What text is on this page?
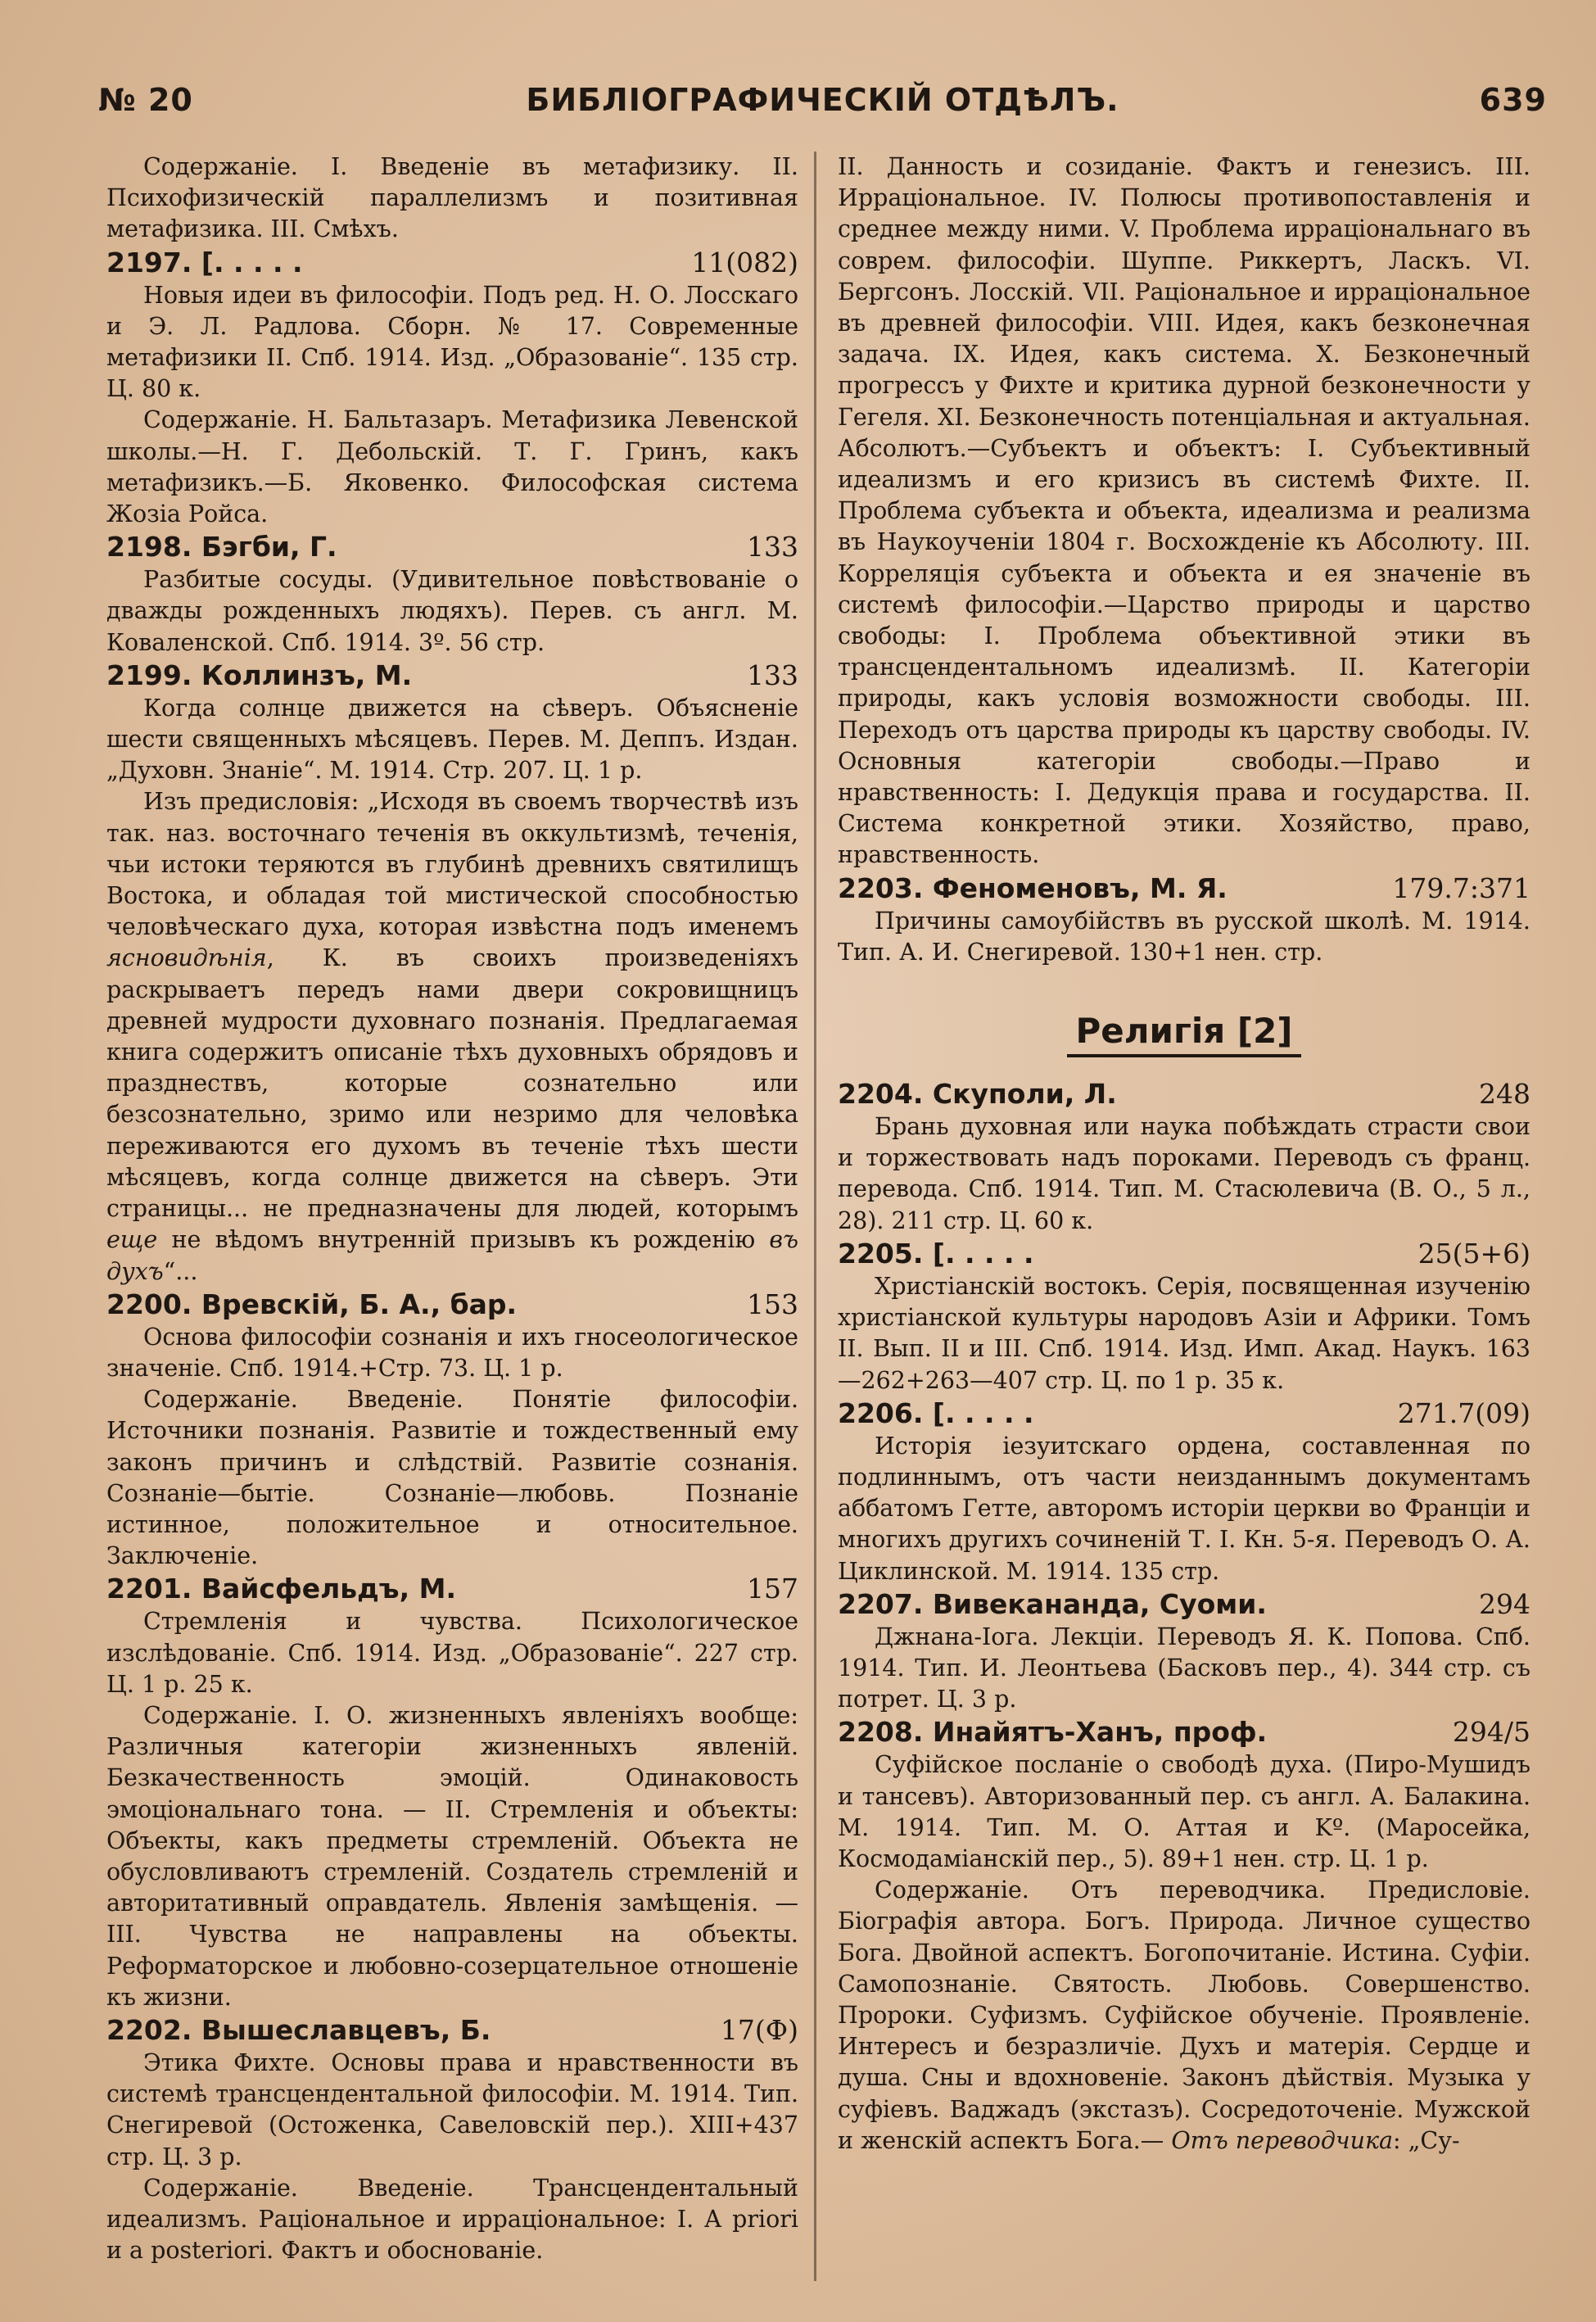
№ 20	БИБЛІОГРАФИЧЕСКІЙ ОТДѢЛЪ.	639

Содержаніе. I. Введеніе въ метафизику. II. Психофизическій параллелизмъ и позитивная метафизика. III. Смѣхъ.

2197. [. . . . .	11(082)

Новыя идеи въ философіи. Подъ ред. Н. О. Лосскаго и Э. Л. Радлова. Сборн. № 17. Современные метафизики II. Спб. 1914. Изд. „Образованіе“. 135 стр. Ц. 80 к.

Содержаніе. Н. Бальтазаръ. Метафизика Левенской школы.—Н. Г. Дебольскій. Т. Г. Гринъ, какъ метафизикъ.—Б. Яковенко. Философская система Жозіа Ройса.

2198. Бэгби, Г.	133

Разбитые сосуды. (Удивительное повѣствованіе о дважды рожденныхъ людяхъ). Перев. съ англ. М. Коваленской. Спб. 1914. 3º. 56 стр.

2199. Коллинзъ, М.	133

Когда солнце движется на сѣверъ. Объясненіе шести священныхъ мѣсяцевъ. Перев. М. Деппъ. Издан. „Духовн. Знаніе“. М. 1914. Стр. 207. Ц. 1 р.

Изъ предисловія: „Исходя въ своемъ творчествѣ изъ так. наз. восточнаго теченія въ оккультизмѣ, теченія, чьи истоки теряются въ глубинѣ древнихъ святилищъ Востока, и обладая той мистической способностью человѣческаго духа, которая извѣстна подъ именемъ ясновидѣнія, К. въ своихъ произведеніяхъ раскрываетъ передъ нами двери сокровищницъ древней мудрости духовнаго познанія. Предлагаемая книга содержитъ описаніе тѣхъ духовныхъ обрядовъ и празднествъ, которые сознательно или безсознательно, зримо или незримо для человѣка переживаются его духомъ въ теченіе тѣхъ шести мѣсяцевъ, когда солнце движется на сѣверъ. Эти страницы... не предназначены для людей, которымъ еще не вѣдомъ внутренній призывъ къ рожденію въ духъ“...

2200. Вревскій, Б. А., бар.	153

Основа философіи сознанія и ихъ гносеологическое значеніе. Спб. 1914.+Стр. 73. Ц. 1 р.

Содержаніе. Введеніе. Понятіе философіи. Источники познанія. Развитіе и тождественный ему законъ причинъ и слѣдствій. Развитіе сознанія. Сознаніе—бытіе. Сознаніе—любовь. Познаніе истинное, положительное и относительное. Заключеніе.

2201. Вайсфельдъ, М.	157

Стремленія и чувства. Психологическое изслѣдованіе. Спб. 1914. Изд. „Образованіе“. 227 стр. Ц. 1 р. 25 к.

Содержаніе. I. О. жизненныхъ явленіяхъ вообще: Различныя категоріи жизненныхъ явленій. Безкачественность эмоцій. Одинаковость эмоціональнаго тона. — II. Стремленія и объекты: Объекты, какъ предметы стремленій. Объекта не обусловливаютъ стремленій. Создатель стремленій и авторитативный оправдатель. Явленія замѣщенія. — III. Чувства не направлены на объекты. Реформаторское и любовно-созерцательное отношеніе къ жизни.

2202. Вышеславцевъ, Б.	17(Ф)

Этика Фихте. Основы права и нравственности въ системѣ трансцендентальной философіи. М. 1914. Тип. Снегиревой (Остоженка, Савеловскій пер.). XIII+437 стр. Ц. 3 р.

Содержаніе. Введеніе. Трансцендентальный идеализмъ. Раціональное и ирраціональное: I. A priori и a posteriori. Фактъ и обоснованіе.

II. Данность и созиданіе. Фактъ и генезисъ. III. Ирраціональное. IV. Полюсы противопоставленія и среднее между ними. V. Проблема ирраціональнаго въ соврем. философіи. Шуппе. Риккертъ, Ласкъ. VI. Бергсонъ. Лосскій. VII. Раціональное и ирраціональное въ древней философіи. VIII. Идея, какъ безконечная задача. IX. Идея, какъ система. X. Безконечный прогрессъ у Фихте и критика дурной безконечности у Гегеля. XI. Безконечность потенціальная и актуальная. Абсолютъ.—Субъектъ и объектъ: I. Субъективный идеализмъ и его кризисъ въ системѣ Фихте. II. Проблема субъекта и объекта, идеализма и реализма въ Наукоученіи 1804 г. Восхожденіе къ Абсолюту. III. Корреляція субъекта и объекта и ея значеніе въ системѣ философіи.—Царство природы и царство свободы: I. Проблема объективной этики въ трансцендентальномъ идеализмѣ. II. Категоріи природы, какъ условія возможности свободы. III. Переходъ отъ царства природы къ царству свободы. IV. Основныя категоріи свободы.—Право и нравственность: I. Дедукція права и государства. II. Система конкретной этики. Хозяйство, право, нравственность.

2203. Феноменовъ, М. Я.	179.7:371

Причины самоубійствъ въ русской школѣ. М. 1914. Тип. А. И. Снегиревой. 130+1 нен. стр.

Религія [2]
2204. Скуполи, Л.	248

Брань духовная или наука побѣждать страсти свои и торжествовать надъ пороками. Переводъ съ франц. перевода. Спб. 1914. Тип. М. Стасюлевича (В. О., 5 л., 28). 211 стр. Ц. 60 к.

2205. [. . . . .	25(5+6)

Христіанскій востокъ. Серія, посвященная изученію христіанской культуры народовъ Азіи и Африки. Томъ II. Вып. II и III. Спб. 1914. Изд. Имп. Акад. Наукъ. 163—262+263—407 стр. Ц. по 1 р. 35 к.

2206. [. . . . .	271.7(09)

Исторія іезуитскаго ордена, составленная по подлиннымъ, отъ части неизданнымъ документамъ аббатомъ Гетте, авторомъ исторіи церкви во Франціи и многихъ другихъ сочиненій Т. I. Кн. 5-я. Переводъ О. А. Циклинской. М. 1914. 135 стр.

2207. Вивекананда, Суоми.	294

Джнана-Іога. Лекціи. Переводъ Я. К. Попова. Спб. 1914. Тип. И. Леонтьева (Басковъ пер., 4). 344 стр. съ потрет. Ц. 3 р.

2208. Инайятъ-Ханъ, проф.	294/5

Суфійское посланіе о свободѣ духа. (Пиро-Мушидъ и тансевъ). Авторизованный пер. съ англ. А. Балакина. М. 1914. Тип. М. О. Аттая и Kº. (Маросейка, Космодаміанскій пер., 5). 89+1 нен. стр. Ц. 1 р.

Содержаніе. Отъ переводчика. Предисловіе. Біографія автора. Богъ. Природа. Личное существо Бога. Двойной аспектъ. Богопочитаніе. Истина. Суфіи. Самопознаніе. Святость. Любовь. Совершенство. Пророки. Суфизмъ. Суфійское обученіе. Проявленіе. Интересъ и безразличіе. Духъ и матерія. Сердце и душа. Сны и вдохновеніе. Законъ дѣйствія. Музыка у суфіевъ. Ваджадъ (экстазъ). Сосредоточеніе. Мужской и женскій аспектъ Бога.— Отъ переводчика: „Су-
